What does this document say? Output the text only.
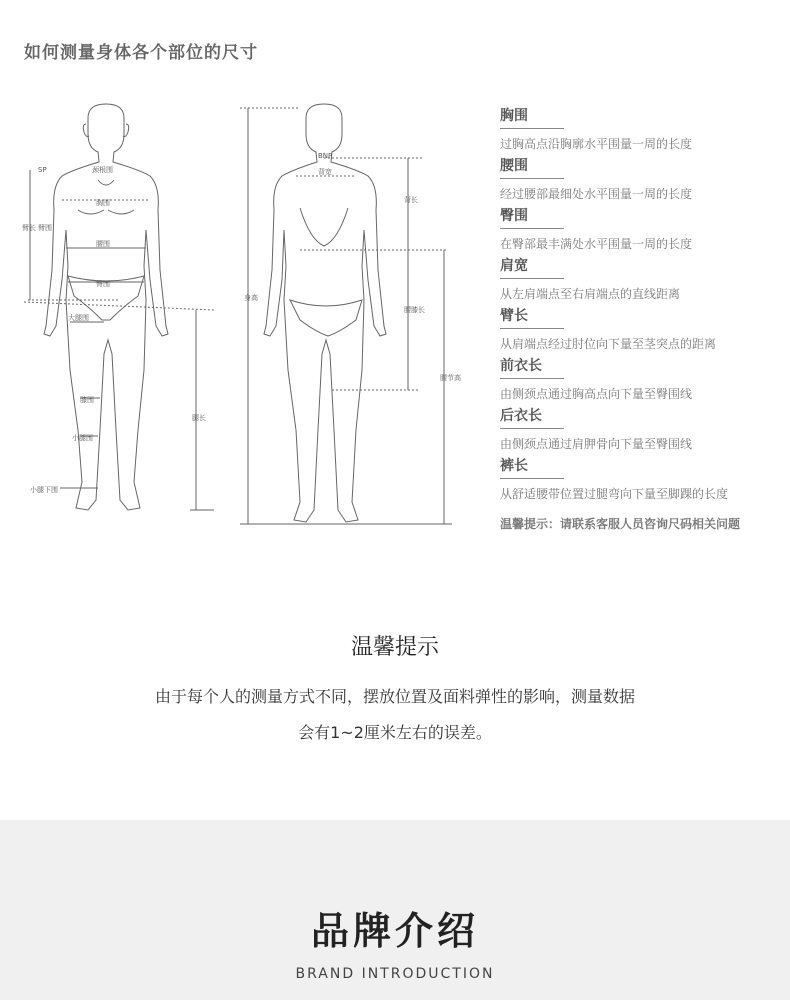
如何测量身体各个部位的尺寸
SP	颈根围
胸围
臂长 臂围
腰围
臀围
大腿围
膝围
小腿围
小腿下围
腿长
BNP
背宽
背长
身高
腰膝长
腰节高
胸围
过胸高点沿胸廓水平围量一周的长度
腰围
经过腰部最细处水平围量一周的长度
臀围
在臀部最丰满处水平围量一周的长度
肩宽
从左肩端点至右肩端点的直线距离
臂长
从肩端点经过肘位向下量至茎突点的距离
前衣长
由侧颈点通过胸高点向下量至臀围线
后衣长
由侧颈点通过肩胛骨向下量至臀围线
裤长
从舒适腰带位置过腿弯向下量至脚踝的长度
温馨提示：请联系客服人员咨询尺码相关问题
温馨提示
由于每个人的测量方式不同，摆放位置及面料弹性的影响，测量数据
会有1~2厘米左右的误差。
品牌介绍
BRAND INTRODUCTION
